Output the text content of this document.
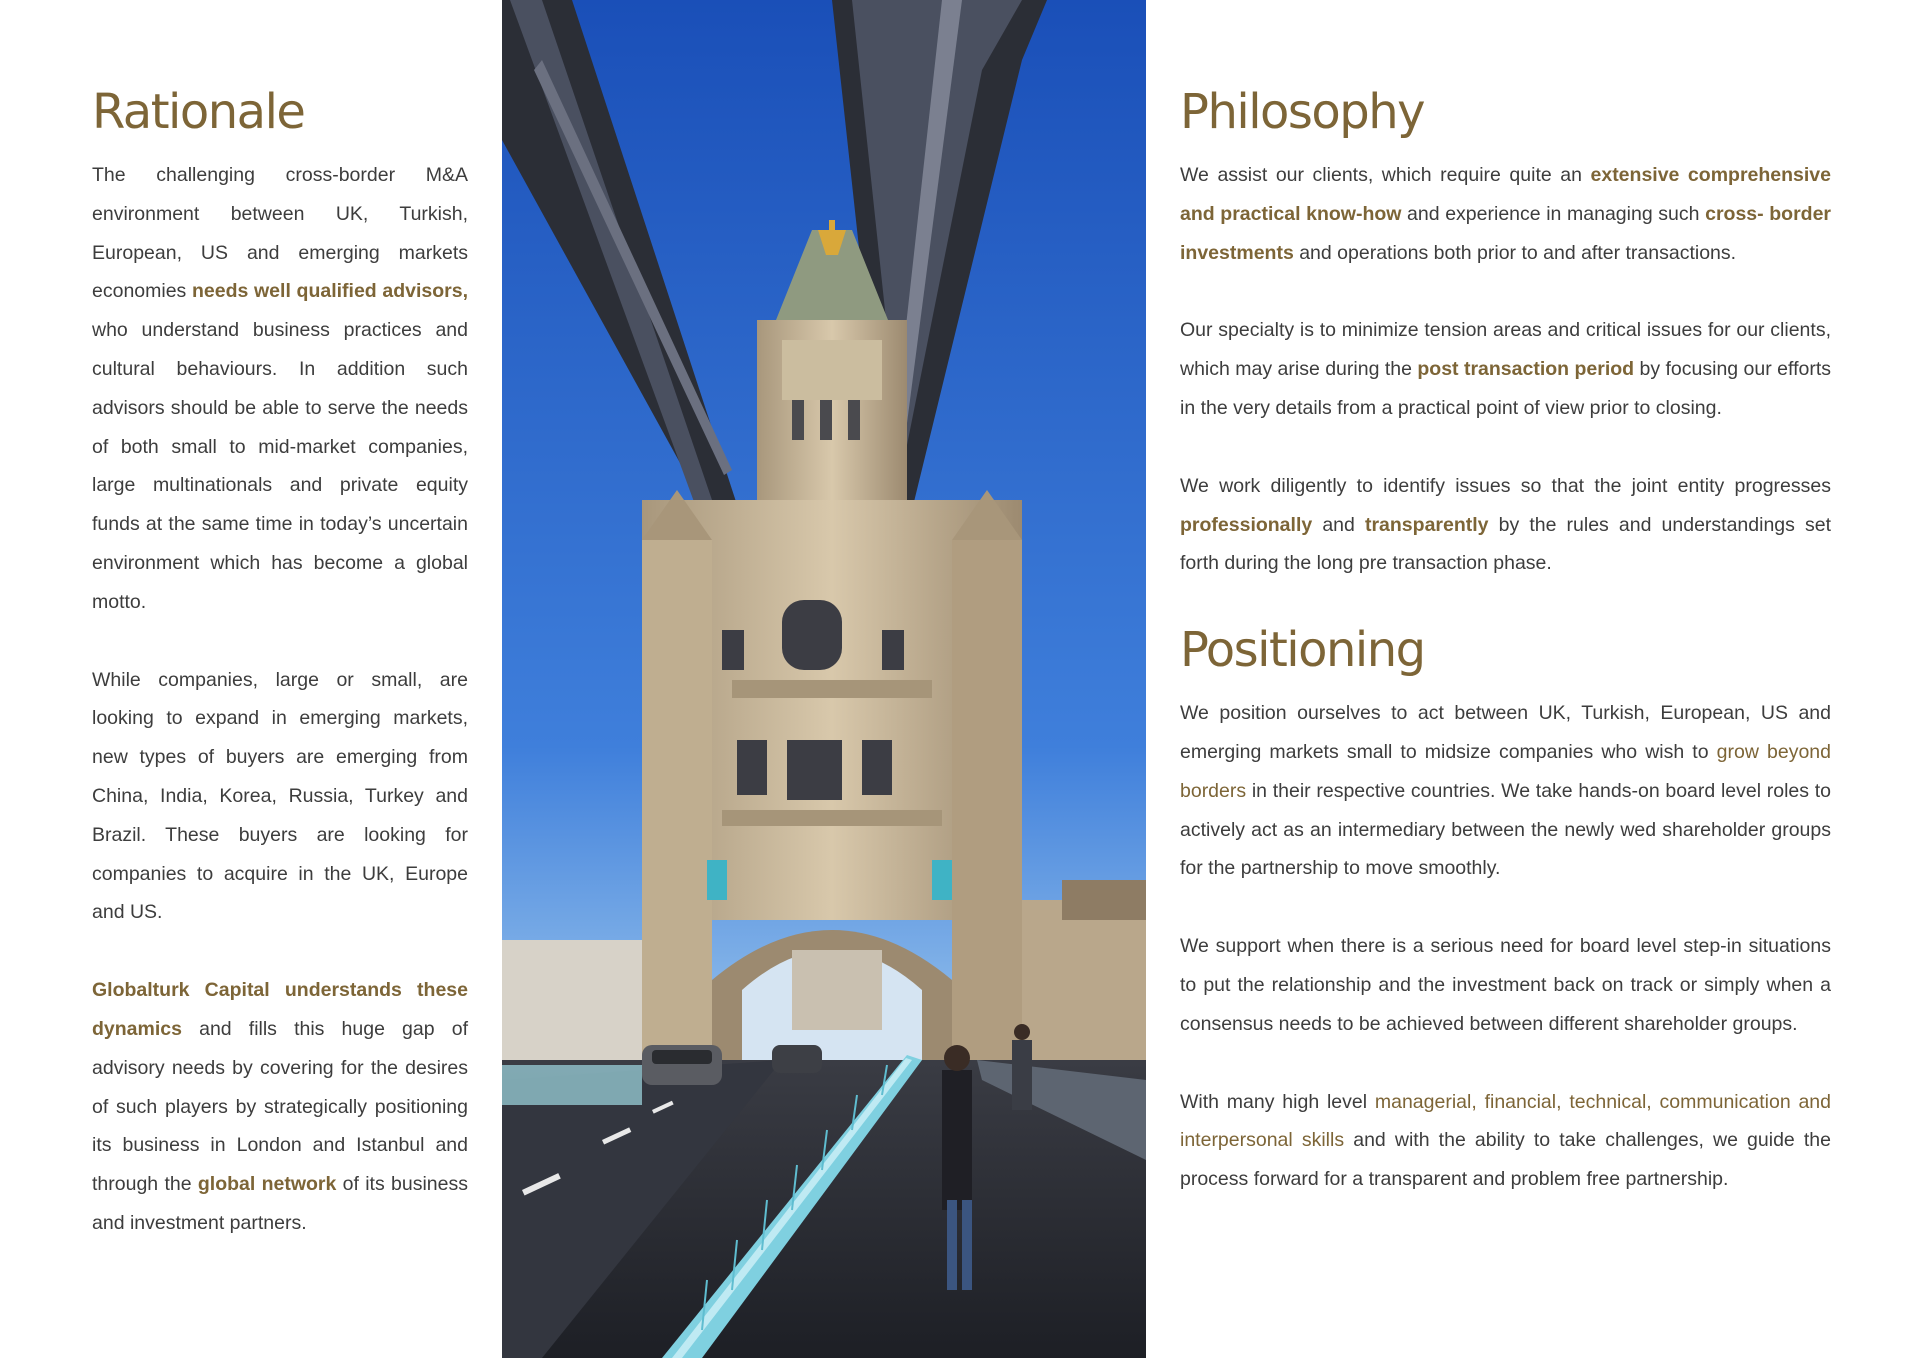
Rationale

The challenging cross-border M&A environment between UK, Turkish, European, US and emerging markets economies needs well qualified advisors, who understand business practices and cultural behaviours. In addition such advisors should be able to serve the needs of both small to mid-market companies, large multinationals and private equity funds at the same time in today’s uncertain environment which has become a global motto.

While companies, large or small, are looking to expand in emerging markets, new types of buyers are emerging from China, India, Korea, Russia, Turkey and Brazil. These buyers are looking for companies to acquire in the UK, Europe and US.

Globalturk Capital understands these dynamics and fills this huge gap of advisory needs by covering for the desires of such players by strategically positioning its business in London and Istanbul and through the global network of its business and investment partners.

Philosophy

We assist our clients, which require quite an extensive comprehensive and practical know-how and experience in managing such cross- border investments and operations both prior to and after transactions.

Our specialty is to minimize tension areas and critical issues for our clients, which may arise during the post transaction period by focusing our efforts in the very details from a practical point of view prior to closing.

We work diligently to identify issues so that the joint entity progresses professionally and transparently by the rules and understandings set forth during the long pre transaction phase.

Positioning

We position ourselves to act between UK, Turkish, European, US and emerging markets small to midsize companies who wish to grow beyond borders in their respective countries. We take hands-on board level roles to actively act as an intermediary between the newly wed shareholder groups for the partnership to move smoothly.

We support when there is a serious need for board level step-in situations to put the relationship and the investment back on track or simply when a consensus needs to be achieved between different shareholder groups.

With many high level managerial, financial, technical, communication and interpersonal skills and with the ability to take challenges, we guide the process forward for a transparent and problem free partnership.
